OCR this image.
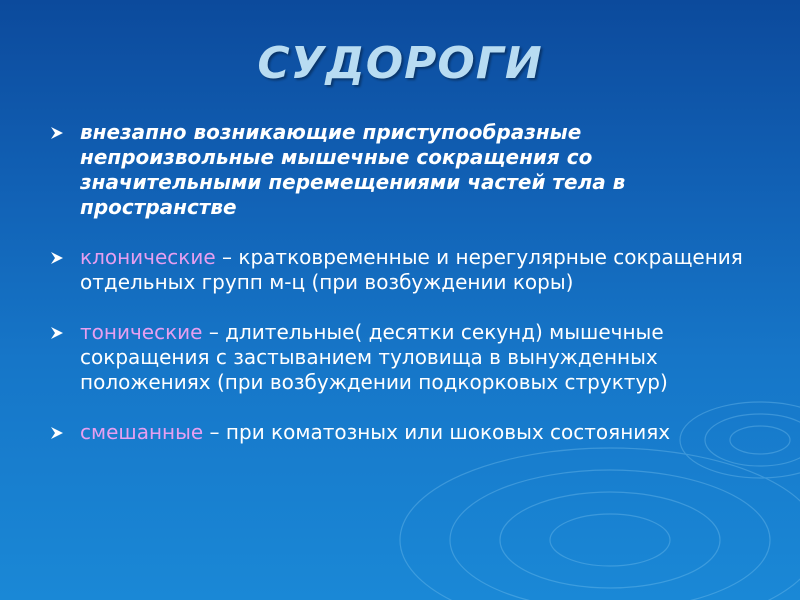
СУДОРОГИ
внезапно возникающие приступообразные непроизвольные мышечные сокращения со значительными перемещениями частей тела в пространстве
клонические – кратковременные и нерегулярные сокращения отдельных групп м-ц (при возбуждении коры)
тонические – длительные( десятки секунд) мышечные сокращения с застыванием туловища в вынужденных положениях (при возбуждении подкорковых структур)
смешанные – при коматозных или шоковых состояниях
